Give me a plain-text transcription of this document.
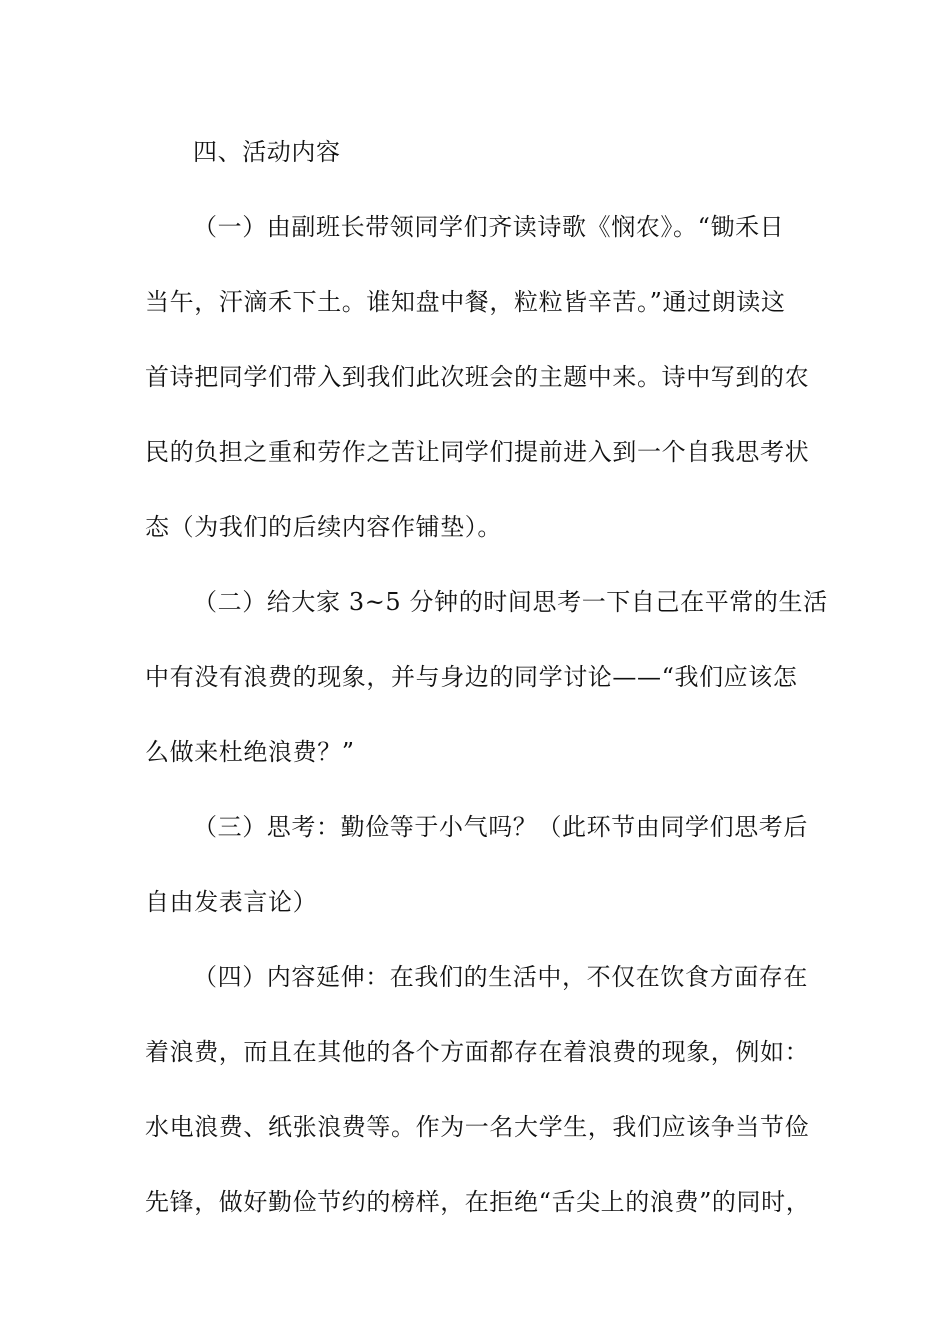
四、活动内容
（一）由副班长带领同学们齐读诗歌《悯农》。“锄禾日
当午，汗滴禾下土。谁知盘中餐，粒粒皆辛苦。”通过朗读这
首诗把同学们带入到我们此次班会的主题中来。诗中写到的农
民的负担之重和劳作之苦让同学们提前进入到一个自我思考状
态（为我们的后续内容作铺垫）。
（二）给大家 3~5 分钟的时间思考一下自己在平常的生活
中有没有浪费的现象，并与身边的同学讨论——“我们应该怎
么做来杜绝浪费？”
（三）思考：勤俭等于小气吗？（此环节由同学们思考后
自由发表言论）
（四）内容延伸：在我们的生活中，不仅在饮食方面存在
着浪费，而且在其他的各个方面都存在着浪费的现象，例如：
水电浪费、纸张浪费等。作为一名大学生，我们应该争当节俭
先锋，做好勤俭节约的榜样，在拒绝“舌尖上的浪费”的同时，
